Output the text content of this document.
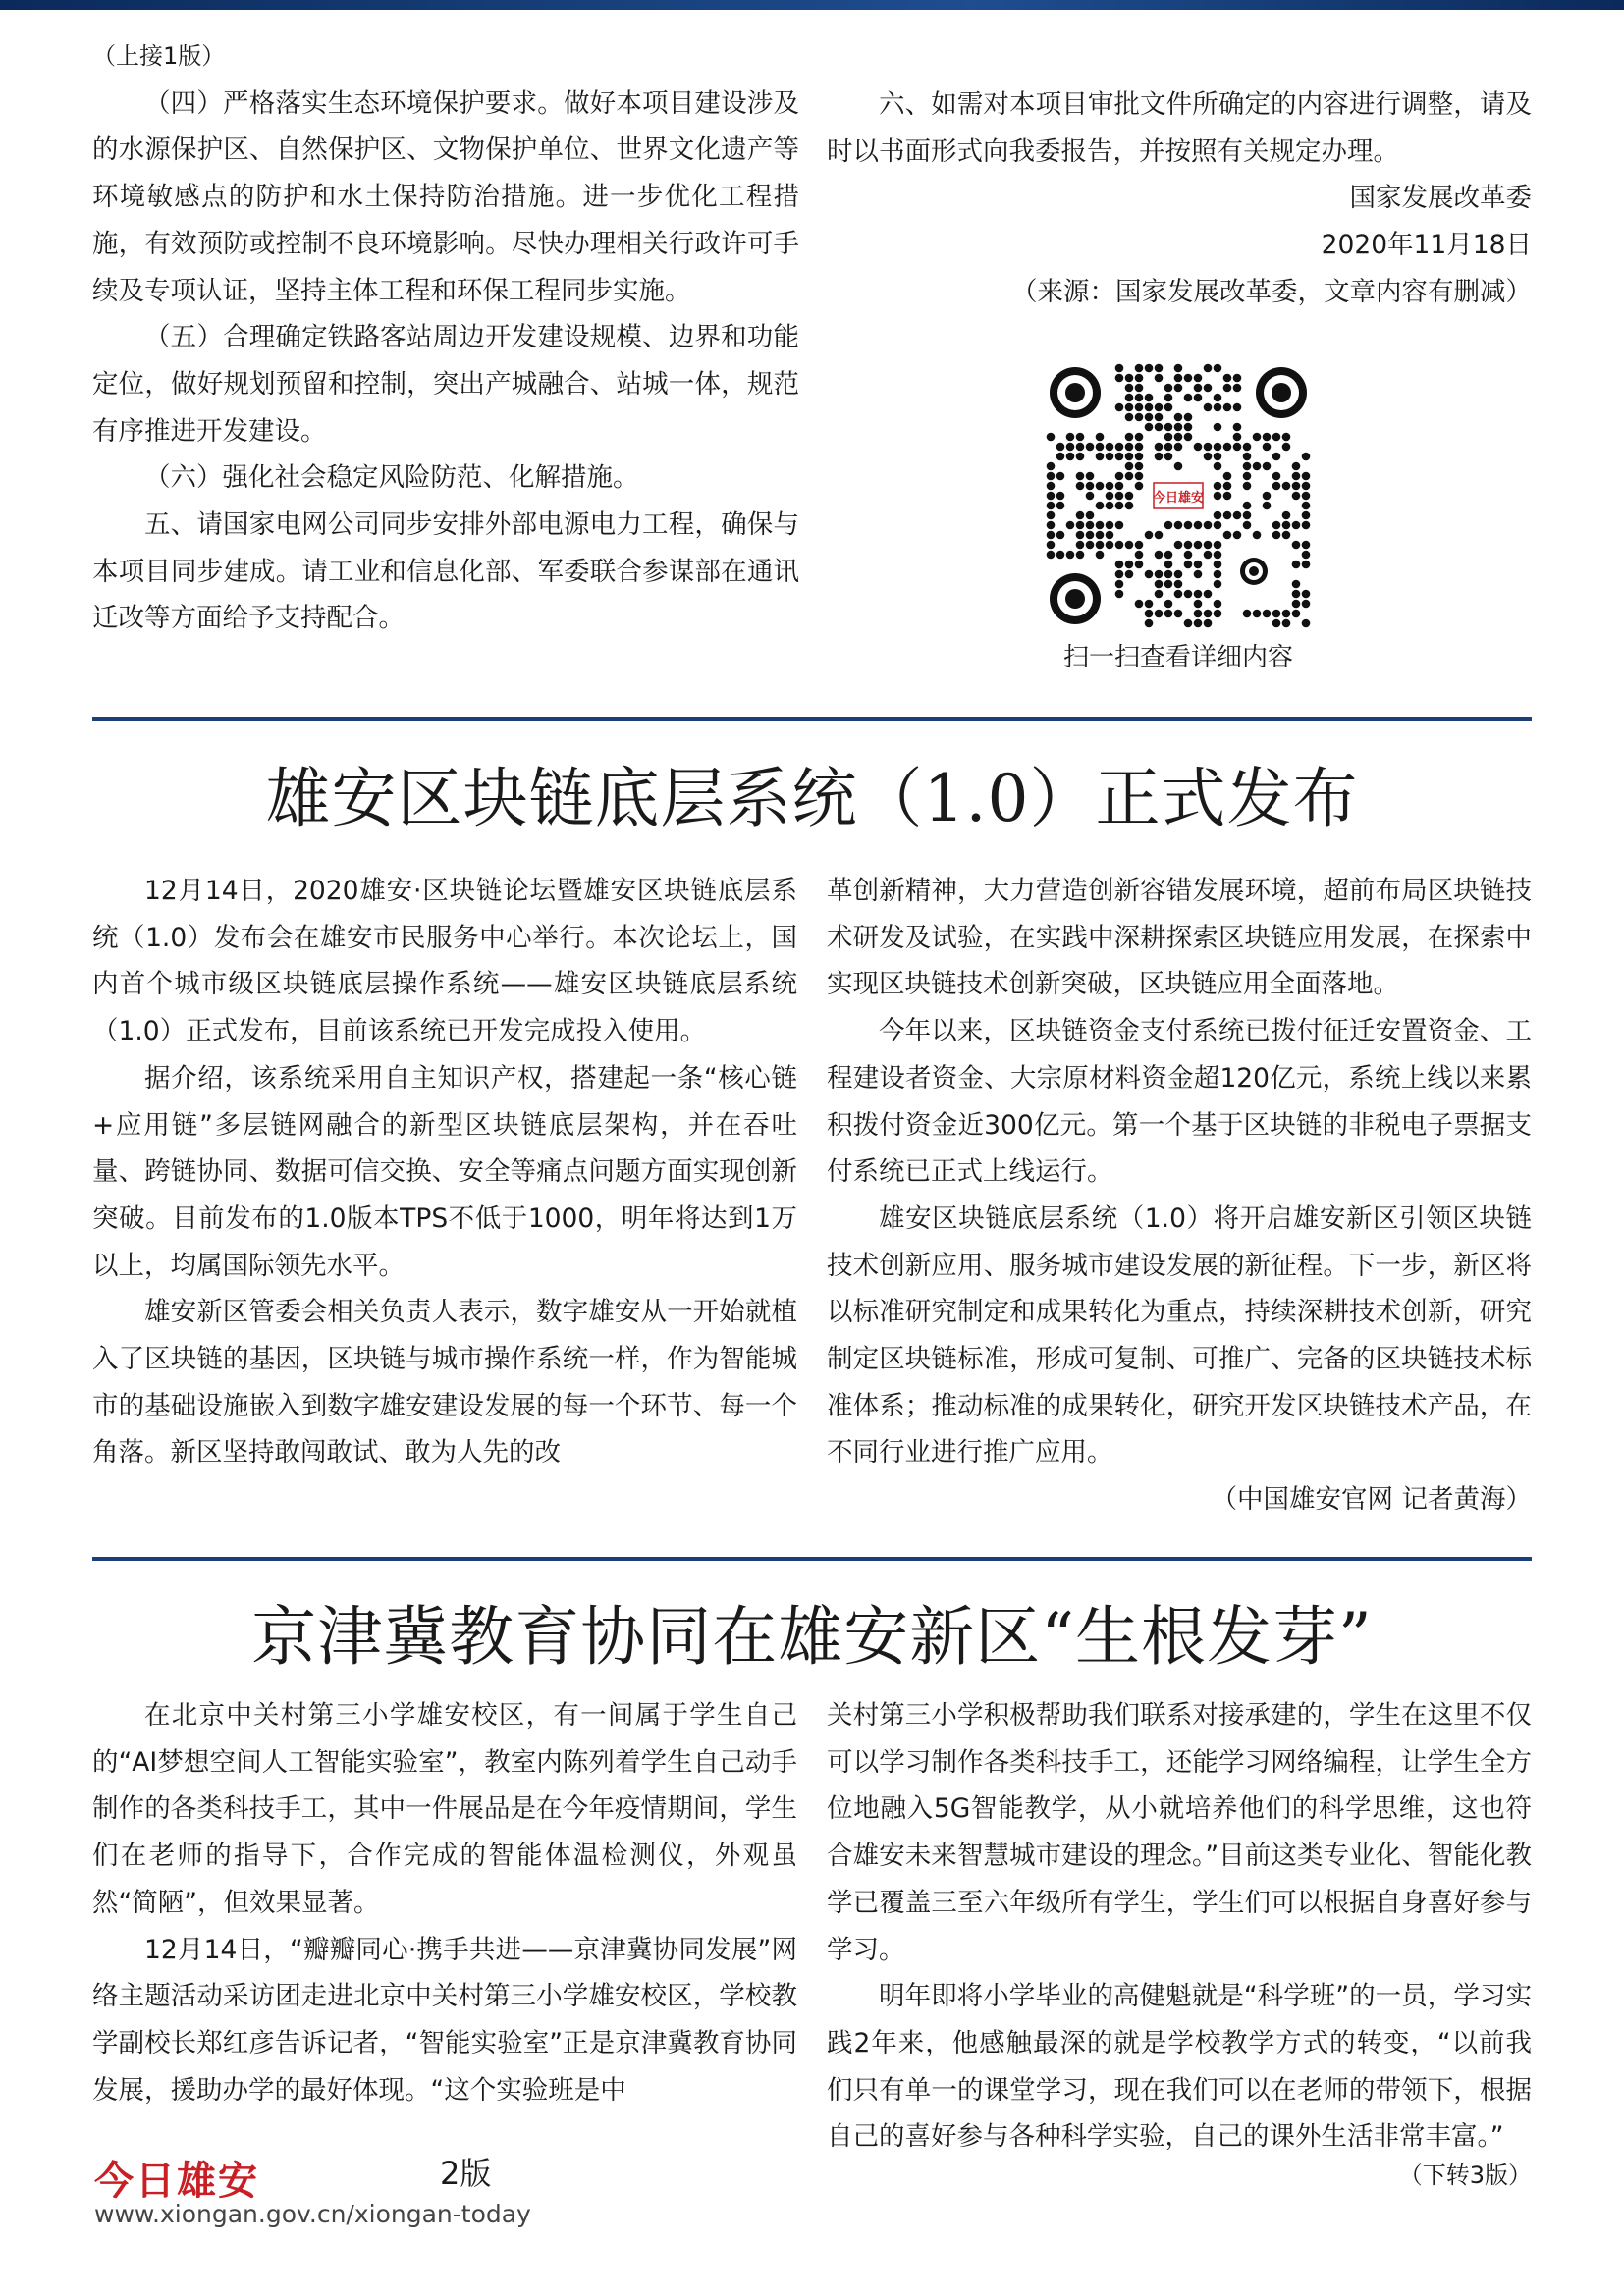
（上接1版）

（四）严格落实生态环境保护要求。做好本项目建设涉及的水源保护区、自然保护区、文物保护单位、世界文化遗产等环境敏感点的防护和水土保持防治措施。进一步优化工程措施，有效预防或控制不良环境影响。尽快办理相关行政许可手续及专项认证，坚持主体工程和环保工程同步实施。

（五）合理确定铁路客站周边开发建设规模、边界和功能定位，做好规划预留和控制，突出产城融合、站城一体，规范有序推进开发建设。

（六）强化社会稳定风险防范、化解措施。

五、请国家电网公司同步安排外部电源电力工程，确保与本项目同步建成。请工业和信息化部、军委联合参谋部在通讯迁改等方面给予支持配合。

六、如需对本项目审批文件所确定的内容进行调整，请及时以书面形式向我委报告，并按照有关规定办理。

国家发展改革委

2020年11月18日

（来源：国家发展改革委，文章内容有删减）

今日雄安
扫一扫查看详细内容
雄安区块链底层系统（1.0）正式发布

12月14日，2020雄安·区块链论坛暨雄安区块链底层系统（1.0）发布会在雄安市民服务中心举行。本次论坛上，国内首个城市级区块链底层操作系统——雄安区块链底层系统（1.0）正式发布，目前该系统已开发完成投入使用。

据介绍，该系统采用自主知识产权，搭建起一条“核心链+应用链”多层链网融合的新型区块链底层架构，并在吞吐量、跨链协同、数据可信交换、安全等痛点问题方面实现创新突破。目前发布的1.0版本TPS不低于1000，明年将达到1万以上，均属国际领先水平。

雄安新区管委会相关负责人表示，数字雄安从一开始就植入了区块链的基因，区块链与城市操作系统一样，作为智能城市的基础设施嵌入到数字雄安建设发展的每一个环节、每一个角落。新区坚持敢闯敢试、敢为人先的改

革创新精神，大力营造创新容错发展环境，超前布局区块链技术研发及试验，在实践中深耕探索区块链应用发展，在探索中实现区块链技术创新突破，区块链应用全面落地。

今年以来，区块链资金支付系统已拨付征迁安置资金、工程建设者资金、大宗原材料资金超120亿元，系统上线以来累积拨付资金近300亿元。第一个基于区块链的非税电子票据支付系统已正式上线运行。

雄安区块链底层系统（1.0）将开启雄安新区引领区块链技术创新应用、服务城市建设发展的新征程。下一步，新区将以标准研究制定和成果转化为重点，持续深耕技术创新，研究制定区块链标准，形成可复制、可推广、完备的区块链技术标准体系；推动标准的成果转化，研究开发区块链技术产品，在不同行业进行推广应用。

（中国雄安官网 记者黄海）

京津冀教育协同在雄安新区“生根发芽”

在北京中关村第三小学雄安校区，有一间属于学生自己的“AI梦想空间人工智能实验室”，教室内陈列着学生自己动手制作的各类科技手工，其中一件展品是在今年疫情期间，学生们在老师的指导下，合作完成的智能体温检测仪，外观虽然“简陋”，但效果显著。

12月14日，“瓣瓣同心·携手共进——京津冀协同发展”网络主题活动采访团走进北京中关村第三小学雄安校区，学校教学副校长郑红彦告诉记者，“智能实验室”正是京津冀教育协同发展，援助办学的最好体现。“这个实验班是中

关村第三小学积极帮助我们联系对接承建的，学生在这里不仅可以学习制作各类科技手工，还能学习网络编程，让学生全方位地融入5G智能教学，从小就培养他们的科学思维，这也符合雄安未来智慧城市建设的理念。”目前这类专业化、智能化教学已覆盖三至六年级所有学生，学生们可以根据自身喜好参与学习。

明年即将小学毕业的高健魁就是“科学班”的一员，学习实践2年来，他感触最深的就是学校教学方式的转变，“以前我们只有单一的课堂学习，现在我们可以在老师的带领下，根据自己的喜好参与各种科学实验，自己的课外生活非常丰富。”

（下转3版）
今日雄安	2版
www.xiongan.gov.cn/xiongan-today
